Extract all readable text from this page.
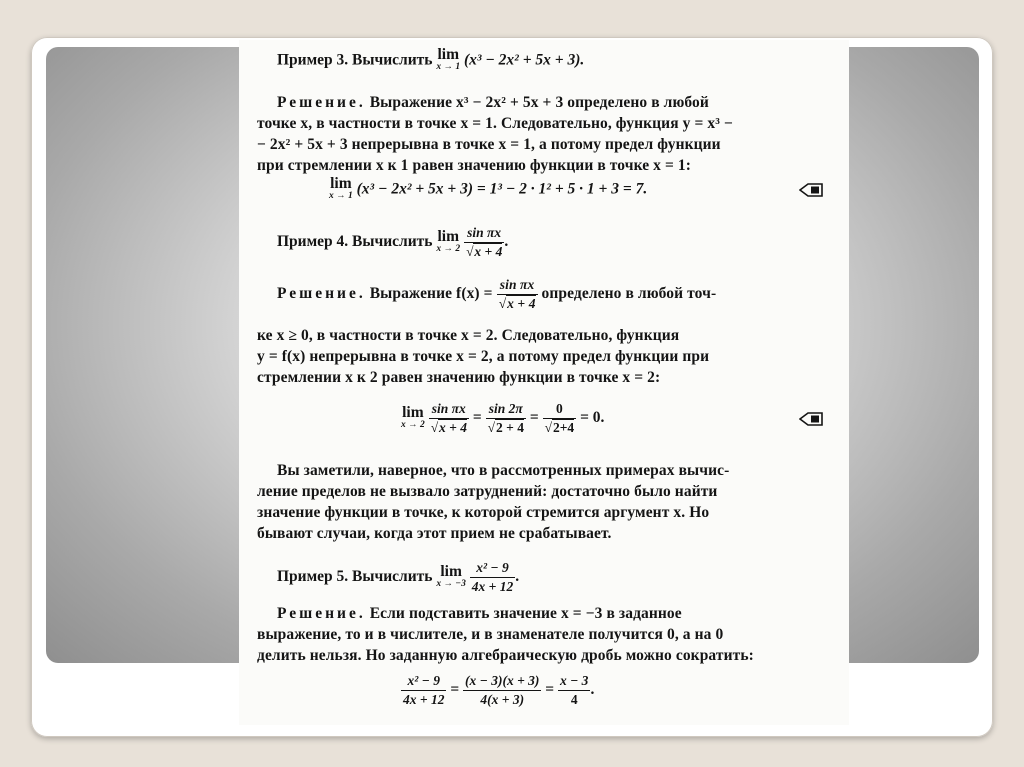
Пример 3. Вычислить lim
x → 1 (x³ − 2x² + 5x + 3).
Решение. Выражение x³ − 2x² + 5x + 3 определено в любой
точке x, в частности в точке x = 1. Следовательно, функция y = x³ −
− 2x² + 5x + 3 непрерывна в точке x = 1, а потому предел функции
при стремлении x к 1 равен значению функции в точке x = 1:
lim
x → 1 (x³ − 2x² + 5x + 3) = 1³ − 2 · 1² + 5 · 1 + 3 = 7.
Пример 4. Вычислить lim
x → 2
$\frac{\text{sin πx}}{√x + 4}$ .
Решение. Выражение $f(x) = \frac{\text{sin πx}}{√x + 4}$ определено в любой точ-
ке x ≥ 0, в частности в точке x = 2. Следовательно, функция
y = f(x) непрерывна в точке x = 2, а потому предел функции при
стремлении x к 2 равен значению функции в точке x = 2:
lim
x → 2
$\frac{\text{sin πx}}{√x + 4} = \frac{\sin 2\pi}{√2 + 4} = \frac{0}{√2+4} = 0$.
Вы заметили, наверное, что в рассмотренных примерах вычис-
ление пределов не вызвало затруднений: достаточно было найти
значение функции в точке, к которой стремится аргумент x. Но
бывают случаи, когда этот прием не срабатывает.
Пример 5. Вычислить lim
x → −3
$\frac{\text{x² − 9}}{4x + 12}$ .
Решение. Если подставить значение x = −3 в заданное
выражение, то и в числителе, и в знаменателе получится 0, а на 0
делить нельзя. Но заданную алгебраическую дробь можно сократить:
$\frac{\text{x² − 9}}{4x + 12} = \frac{(x - 3)(x + 3)}{4(x + 3)} = \frac{x - 3}{4}$ .
